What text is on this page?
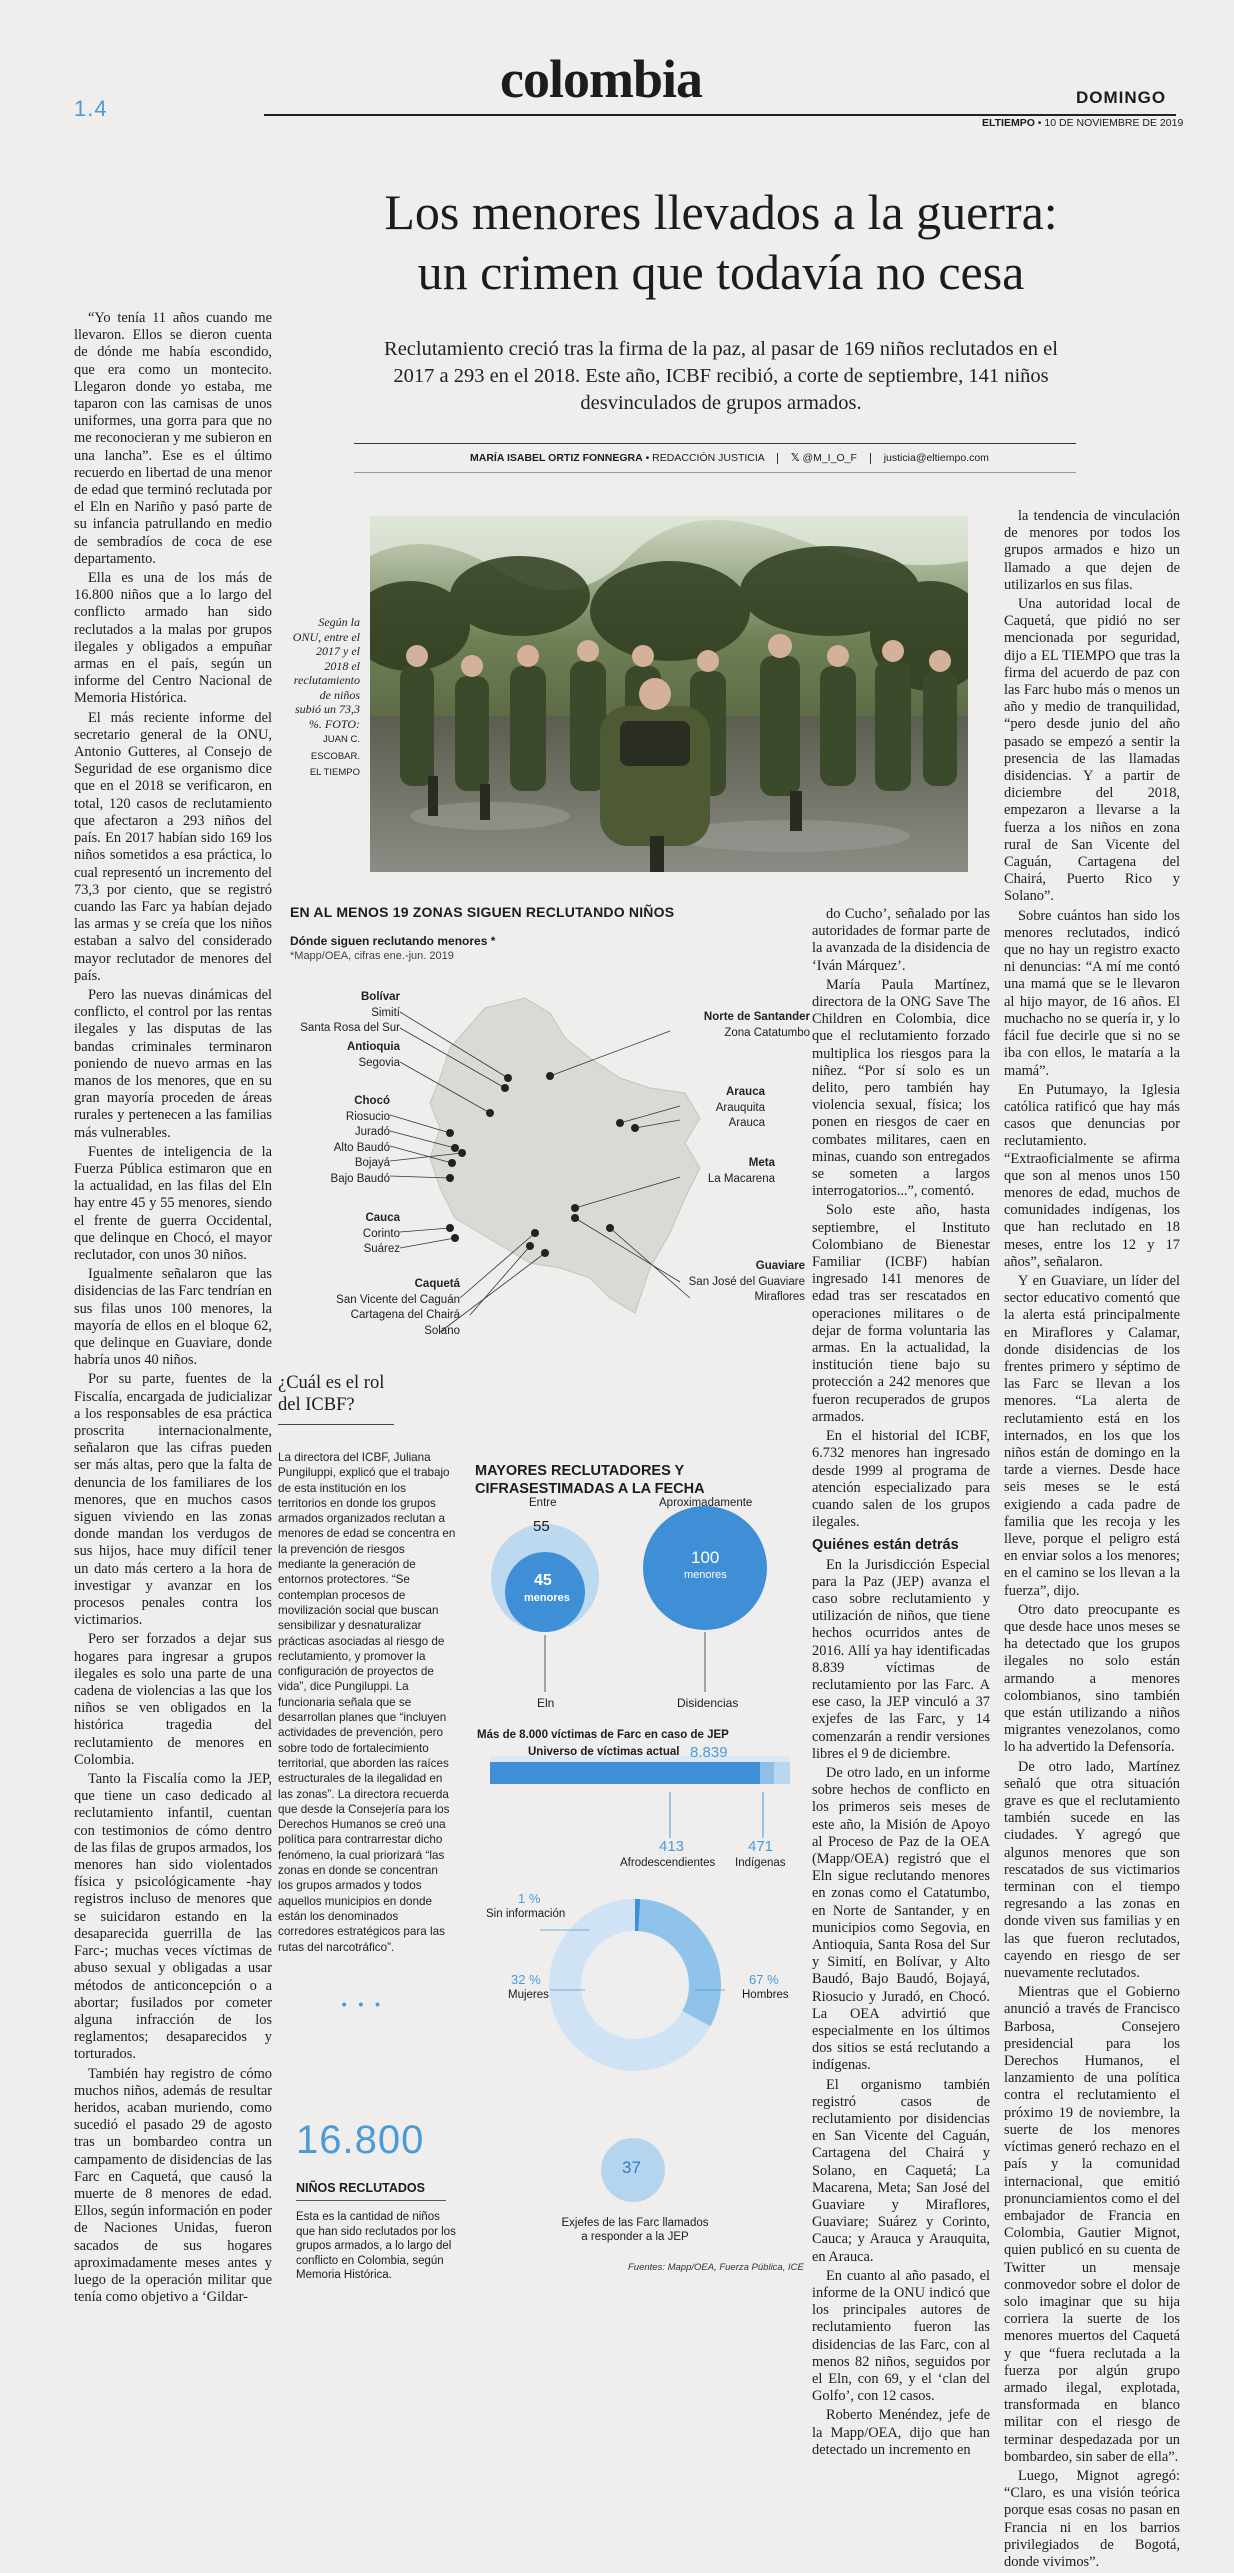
1.4	colombia	DOMINGO
ELTIEMPO • 10 DE NOVIEMBRE DE 2019
Los menores llevados a la guerra:
un crimen que todavía no cesa
Reclutamiento creció tras la firma de la paz, al pasar de 169 niños reclutados en el 2017 a 293 en el 2018. Este año, ICBF recibió, a corte de septiembre, 141 niños desvinculados de grupos armados.
MARÍA ISABEL ORTIZ FONNEGRA • REDACCIÓN JUSTICIA	𝕏 @M_I_O_F	justicia@eltiempo.com

“Yo tenía 11 años cuando me llevaron. Ellos se dieron cuenta de dónde me había escondido, que era como un montecito. Llegaron donde yo estaba, me taparon con las camisas de unos uniformes, una gorra para que no me reconocieran y me subieron en una lancha”. Ese es el último recuerdo en libertad de una menor de edad que terminó reclutada por el Eln en Nariño y pasó parte de su infancia patrullando en medio de sembradíos de coca de ese departamento.

Ella es una de los más de 16.800 niños que a lo largo del conflicto armado han sido reclutados a la malas por grupos ilegales y obligados a empuñar armas en el país, según un informe del Centro Nacional de Memoria Histórica.

El más reciente informe del secretario general de la ONU, Antonio Gutteres, al Consejo de Seguridad de ese organismo dice que en el 2018 se verificaron, en total, 120 casos de reclutamiento que afectaron a 293 niños del país. En 2017 habían sido 169 los niños sometidos a esa práctica, lo cual representó un incremento del 73,3 por ciento, que se registró cuando las Farc ya habían dejado las armas y se creía que los niños estaban a salvo del considerado mayor reclutador de menores del país.

Pero las nuevas dinámicas del conflicto, el control por las rentas ilegales y las disputas de las bandas criminales terminaron poniendo de nuevo armas en las manos de los menores, que en su gran mayoría proceden de áreas rurales y pertenecen a las familias más vulnerables.

Fuentes de inteligencia de la Fuerza Pública estimaron que en la actualidad, en las filas del Eln hay entre 45 y 55 menores, siendo el frente de guerra Occidental, que delinque en Chocó, el mayor reclutador, con unos 30 niños.

Igualmente señalaron que las disidencias de las Farc tendrían en sus filas unos 100 menores, la mayoría de ellos en el bloque 62, que delinque en Guaviare, donde habría unos 40 niños.

Por su parte, fuentes de la Fiscalía, encargada de judicializar a los responsables de esa práctica proscrita internacionalmente, señalaron que las cifras pueden ser más altas, pero que la falta de denuncia de los familiares de los menores, que en muchos casos siguen viviendo en las zonas donde mandan los verdugos de sus hijos, hace muy difícil tener un dato más certero a la hora de investigar y avanzar en los procesos penales contra los victimarios.

Pero ser forzados a dejar sus hogares para ingresar a grupos ilegales es solo una parte de una cadena de violencias a las que los niños se ven obligados en la histórica tragedia del reclutamiento de menores en Colombia.

Tanto la Fiscalía como la JEP, que tiene un caso dedicado al reclutamiento infantil, cuentan con testimonios de cómo dentro de las filas de grupos armados, los menores han sido violentados física y psicológicamente -hay registros incluso de menores que se suicidaron estando en la desaparecida guerrilla de las Farc-; muchas veces víctimas de abuso sexual y obligadas a usar métodos de anticoncepción o a abortar; fusilados por cometer alguna infracción de los reglamentos; desaparecidos y torturados.

También hay registro de cómo muchos niños, además de resultar heridos, acaban muriendo, como sucedió el pasado 29 de agosto tras un bombardeo contra un campamento de disidencias de las Farc en Caquetá, que causó la muerte de 8 menores de edad. Ellos, según información en poder de Naciones Unidas, fueron sacados de sus hogares aproximadamente meses antes y luego de la operación militar que tenía como objetivo a ‘Gildar-

Según la ONU, entre el 2017 y el 2018 el reclutamiento de niños subió un 73,3 %. FOTO:
JUAN C. ESCOBAR.
EL TIEMPO
EN AL MENOS 19 ZONAS SIGUEN RECLUTANDO NIÑOS
Dónde siguen reclutando menores *
*Mapp/OEA, cifras ene.-jun. 2019
Bolívar
Simití
Santa Rosa del Sur
Antioquia
Segovia
Chocó
Riosucio
Juradó
Alto Baudó
Bojayá
Bajo Baudó
Cauca
Corinto
Suárez
Caquetá
San Vicente del Caguán
Cartagena del Chairá
Solano
Norte de Santander
Zona Catatumbo
Arauca
Arauquita
Arauca
Meta
La Macarena
Guaviare
San José del Guaviare
Miraflores
¿Cuál es el rol del ICBF?
La directora del ICBF, Juliana Pungiluppi, explicó que el trabajo de esta institución en los territorios en donde los grupos armados organizados reclutan a menores de edad se concentra en la prevención de riesgos mediante la generación de entornos protectores. “Se contemplan procesos de movilización social que buscan sensibilizar y desnaturalizar prácticas asociadas al riesgo de reclutamiento, y promover la configuración de proyectos de vida”, dice Pungiluppi. La funcionaria señala que se desarrollan planes que “incluyen actividades de prevención, pero sobre todo de fortalecimiento territorial, que aborden las raíces estructurales de la ilegalidad en las zonas”. La directora recuerda que desde la Consejería para los Derechos Humanos se creó una política para contrarrestar dicho fenómeno, la cual priorizará “las zonas en donde se concentran los grupos armados y todos aquellos municipios en donde están los denominados corredores estratégicos para las rutas del narcotráfico”.
• • •
16.800
NIÑOS RECLUTADOS
Esta es la cantidad de niños que han sido reclutados por los grupos armados, a lo largo del conflicto en Colombia, según Memoria Histórica.
MAYORES RECLUTADORES Y
CIFRASESTIMADAS A LA FECHA
Entre
55
45
menores
Eln
Aproximadamente
100
menores
Disidencias
Más de 8.000 víctimas de Farc en caso de JEP
Universo de víctimas actual 8.839
413
Afrodescendientes
471
Indígenas
1 %
Sin información
32 %
Mujeres
67 %
Hombres
37
Exjefes de las Farc llamados
a responder a la JEP
Fuentes: Mapp/OEA, Fuerza Pública, ICE

do Cucho’, señalado por las autoridades de formar parte de la avanzada de la disidencia de ‘Iván Márquez’.

María Paula Martínez, directora de la ONG Save The Children en Colombia, dice que el reclutamiento forzado multiplica los riesgos para la niñez. “Por sí solo es un delito, pero también hay violencia sexual, física; los ponen en riesgos de caer en combates militares, caen en minas, cuando son entregados se someten a largos interrogatorios...”, comentó.

Solo este año, hasta septiembre, el Instituto Colombiano de Bienestar Familiar (ICBF) habían ingresado 141 menores de edad tras ser rescatados en operaciones militares o de dejar de forma voluntaria las armas. En la actualidad, la institución tiene bajo su protección a 242 menores que fueron recuperados de grupos armados.

En el historial del ICBF, 6.732 menores han ingresado desde 1999 al programa de atención especializado para cuando salen de los grupos ilegales.

Quiénes están detrás

En la Jurisdicción Especial para la Paz (JEP) avanza el caso sobre reclutamiento y utilización de niños, que tiene hechos ocurridos antes de 2016. Allí ya hay identificadas 8.839 víctimas de reclutamiento por las Farc. A ese caso, la JEP vinculó a 37 exjefes de las Farc, y 14 comenzarán a rendir versiones libres el 9 de diciembre.

De otro lado, en un informe sobre hechos de conflicto en los primeros seis meses de este año, la Misión de Apoyo al Proceso de Paz de la OEA (Mapp/OEA) registró que el Eln sigue reclutando menores en zonas como el Catatumbo, en Norte de Santander, y en municipios como Segovia, en Antioquia, Santa Rosa del Sur y Simití, en Bolívar, y Alto Baudó, Bajo Baudó, Bojayá, Riosucio y Juradó, en Chocó. La OEA advirtió que especialmente en los últimos dos sitios se está reclutando a indígenas.

El organismo también registró casos de reclutamiento por disidencias en San Vicente del Caguán, Cartagena del Chairá y Solano, en Caquetá; La Macarena, Meta; San José del Guaviare y Miraflores, Guaviare; Suárez y Corinto, Cauca; y Arauca y Arauquita, en Arauca.

En cuanto al año pasado, el informe de la ONU indicó que los principales autores de reclutamiento fueron las disidencias de las Farc, con al menos 82 niños, seguidos por el Eln, con 69, y el ‘clan del Golfo’, con 12 casos.

Roberto Menéndez, jefe de la Mapp/OEA, dijo que han detectado un incremento en

la tendencia de vinculación de menores por todos los grupos armados e hizo un llamado a que dejen de utilizarlos en sus filas.

Una autoridad local de Caquetá, que pidió no ser mencionada por seguridad, dijo a EL TIEMPO que tras la firma del acuerdo de paz con las Farc hubo más o menos un año y medio de tranquilidad, “pero desde junio del año pasado se empezó a sentir la presencia de las llamadas disidencias. Y a partir de diciembre del 2018, empezaron a llevarse a la fuerza a los niños en zona rural de San Vicente del Caguán, Cartagena del Chairá, Puerto Rico y Solano”.

Sobre cuántos han sido los menores reclutados, indicó que no hay un registro exacto ni denuncias: “A mí me contó una mamá que se le llevaron al hijo mayor, de 16 años. El muchacho no se quería ir, y lo fácil fue decirle que si no se iba con ellos, le mataría a la mamá”.

En Putumayo, la Iglesia católica ratificó que hay más casos que denuncias por reclutamiento. “Extraoficialmente se afirma que son al menos unos 150 menores de edad, muchos de comunidades indígenas, los que han reclutado en 18 meses, entre los 12 y 17 años”, señalaron.

Y en Guaviare, un líder del sector educativo comentó que la alerta está principalmente en Miraflores y Calamar, donde disidencias de los frentes primero y séptimo de las Farc se llevan a los menores. “La alerta de reclutamiento está en los internados, en los que los niños están de domingo en la tarde a viernes. Desde hace seis meses se le está exigiendo a cada padre de familia que les recoja y les lleve, porque el peligro está en enviar solos a los menores; en el camino se los llevan a la fuerza”, dijo.

Otro dato preocupante es que desde hace unos meses se ha detectado que los grupos ilegales no solo están armando a menores colombianos, sino también que están utilizando a niños migrantes venezolanos, como lo ha advertido la Defensoría.

De otro lado, Martínez señaló que otra situación grave es que el reclutamiento también sucede en las ciudades. Y agregó que algunos menores que son rescatados de sus victimarios terminan con el tiempo regresando a las zonas en donde viven sus familias y en las que fueron reclutados, cayendo en riesgo de ser nuevamente reclutados.

Mientras que el Gobierno anunció a través de Francisco Barbosa, Consejero presidencial para los Derechos Humanos, el lanzamiento de una política contra el reclutamiento el próximo 19 de noviembre, la suerte de los menores víctimas generó rechazo en el país y la comunidad internacional, que emitió pronunciamientos como el del embajador de Francia en Colombia, Gautier Mignot, quien publicó en su cuenta de Twitter un mensaje conmovedor sobre el dolor de solo imaginar que su hija corriera la suerte de los menores muertos del Caquetá y que “fuera reclutada a la fuerza por algún grupo armado ilegal, explotada, transformada en blanco militar con el riesgo de terminar despedazada por un bombardeo, sin saber de ella”.

Luego, Mignot agregó: “Claro, es una visión teórica porque esas cosas no pasan en Francia ni en los barrios privilegiados de Bogotá, donde vivimos”.
